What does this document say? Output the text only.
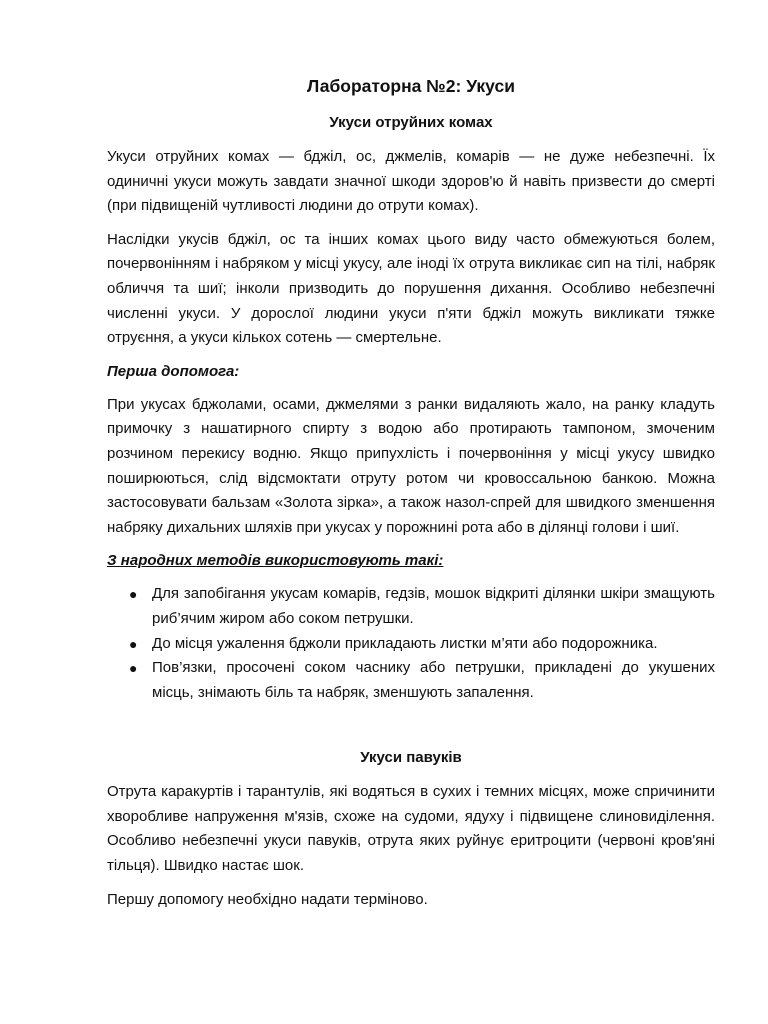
Лабораторна №2: Укуси
Укуси отруйних комах

Укуси отруйних комах — бджіл, ос, джмелів, комарів — не дуже небезпечні. Їх одиничні укуси можуть завдати значної шкоди здоров'ю й навіть призвести до смерті (при підвищеній чутливості людини до отрути комах).

Наслідки укусів бджіл, ос та інших комах цього виду часто обмежуються болем, почервонінням і набряком у місці укусу, але іноді їх отрута викликає сип на тілі, набряк обличчя та шиї; інколи призводить до порушення дихання. Особливо небезпечні численні укуси. У дорослої людини укуси п'яти бджіл можуть викликати тяжке отруєння, а укуси кількох сотень — смертельне.

Перша допомога:

При укусах бджолами, осами, джмелями з ранки видаляють жало, на ранку кладуть примочку з нашатирного спирту з водою або протирають тампоном, змоченим розчином перекису водню. Якщо припухлість і почервоніння у місці укусу швидко поширюються, слід відсмоктати отруту ротом чи кровоссальною банкою. Можна застосовувати бальзам «Золота зірка», а також назол-спрей для швидкого зменшення набряку дихальних шляхів при укусах у порожнині рота або в ділянці голови і шиї.

З народних методів використовують такі:

● Для запобігання укусам комарів, гедзів, мошок відкриті ділянки шкіри змащують риб’ячим жиром або соком петрушки.
● До місця ужалення бджоли прикладають листки м’яти або подорожника.
● Пов’язки, просочені соком часнику або петрушки, прикладені до укушених місць, знімають біль та набряк, зменшують запалення.
Укуси павуків

Отрута каракуртів і тарантулів, які водяться в сухих і темних місцях, може спричинити хворобливе напруження м'язів, схоже на судоми, ядуху і підвищене слиновиділення. Особливо небезпечні укуси павуків, отрута яких руйнує еритроцити (червоні кров'яні тільця). Швидко настає шок.

Першу допомогу необхідно надати терміново.
